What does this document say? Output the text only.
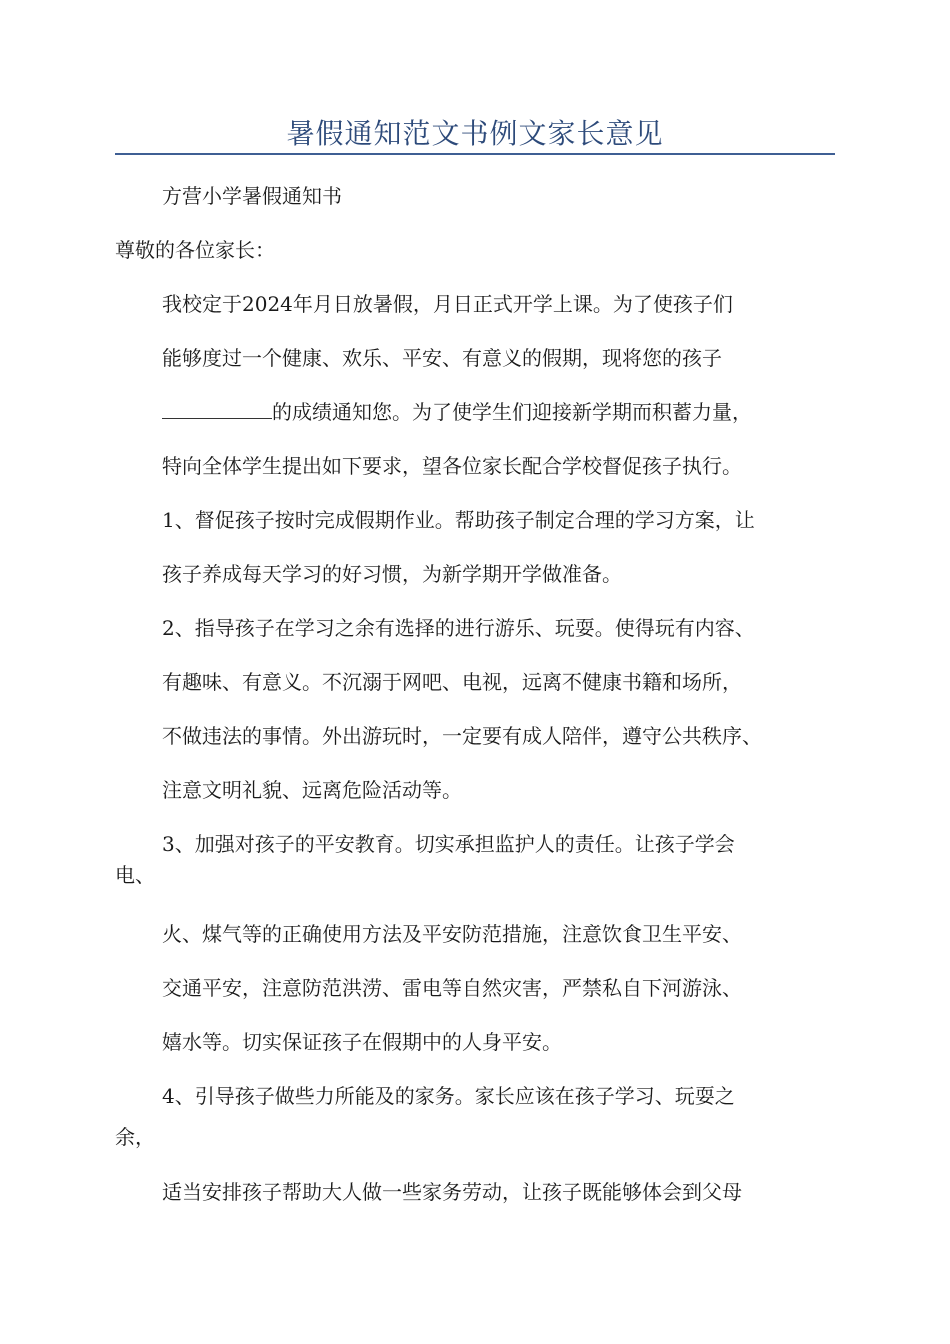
暑假通知范文书例文家长意见
方营小学暑假通知书
尊敬的各位家长：
我校定于2024年月日放暑假，月日正式开学上课。为了使孩子们
能够度过一个健康、欢乐、平安、有意义的假期，现将您的孩子
的成绩通知您。为了使学生们迎接新学期而积蓄力量，
特向全体学生提出如下要求，望各位家长配合学校督促孩子执行。
1、督促孩子按时完成假期作业。帮助孩子制定合理的学习方案，让
孩子养成每天学习的好习惯，为新学期开学做准备。
2、指导孩子在学习之余有选择的进行游乐、玩耍。使得玩有内容、
有趣味、有意义。不沉溺于网吧、电视，远离不健康书籍和场所，
不做违法的事情。外出游玩时，一定要有成人陪伴，遵守公共秩序、
注意文明礼貌、远离危险活动等。
3、加强对孩子的平安教育。切实承担监护人的责任。让孩子学会
电、
火、煤气等的正确使用方法及平安防范措施，注意饮食卫生平安、
交通平安，注意防范洪涝、雷电等自然灾害，严禁私自下河游泳、
嬉水等。切实保证孩子在假期中的人身平安。
4、引导孩子做些力所能及的家务。家长应该在孩子学习、玩耍之
余，
适当安排孩子帮助大人做一些家务劳动，让孩子既能够体会到父母
